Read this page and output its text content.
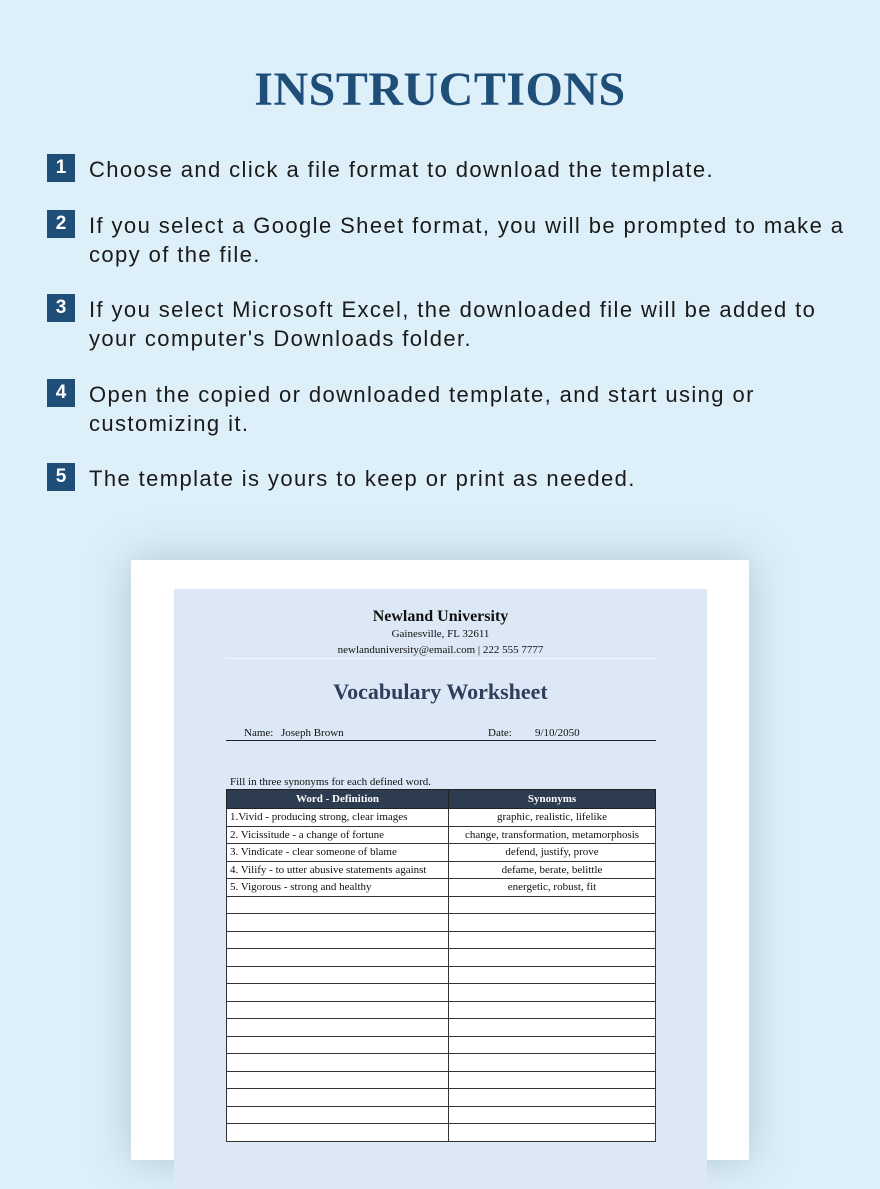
INSTRUCTIONS
1	Choose and click a file format to download the template.
2	If you select a Google Sheet format, you will be prompted to make a copy of the file.
3	If you select Microsoft Excel, the downloaded file will be added to your computer's Downloads folder.
4	Open the copied or downloaded template, and start using or customizing it.
5	The template is yours to keep or print as needed.
Newland University
Gainesville, FL 32611
newlanduniversity@email.com | 222 555 7777
Vocabulary Worksheet
Name: Joseph Brown	Date: 9/10/2050
Fill in three synonyms for each defined word.
Word - Definition	Synonyms
1.Vivid - producing strong, clear images	graphic, realistic, lifelike
2. Vicissitude - a change of fortune	change, transformation, metamorphosis
3. Vindicate - clear someone of blame	defend, justify, prove
4. Vilify - to utter abusive statements against	defame, berate, belittle
5. Vigorous - strong and healthy	energetic, robust, fit
